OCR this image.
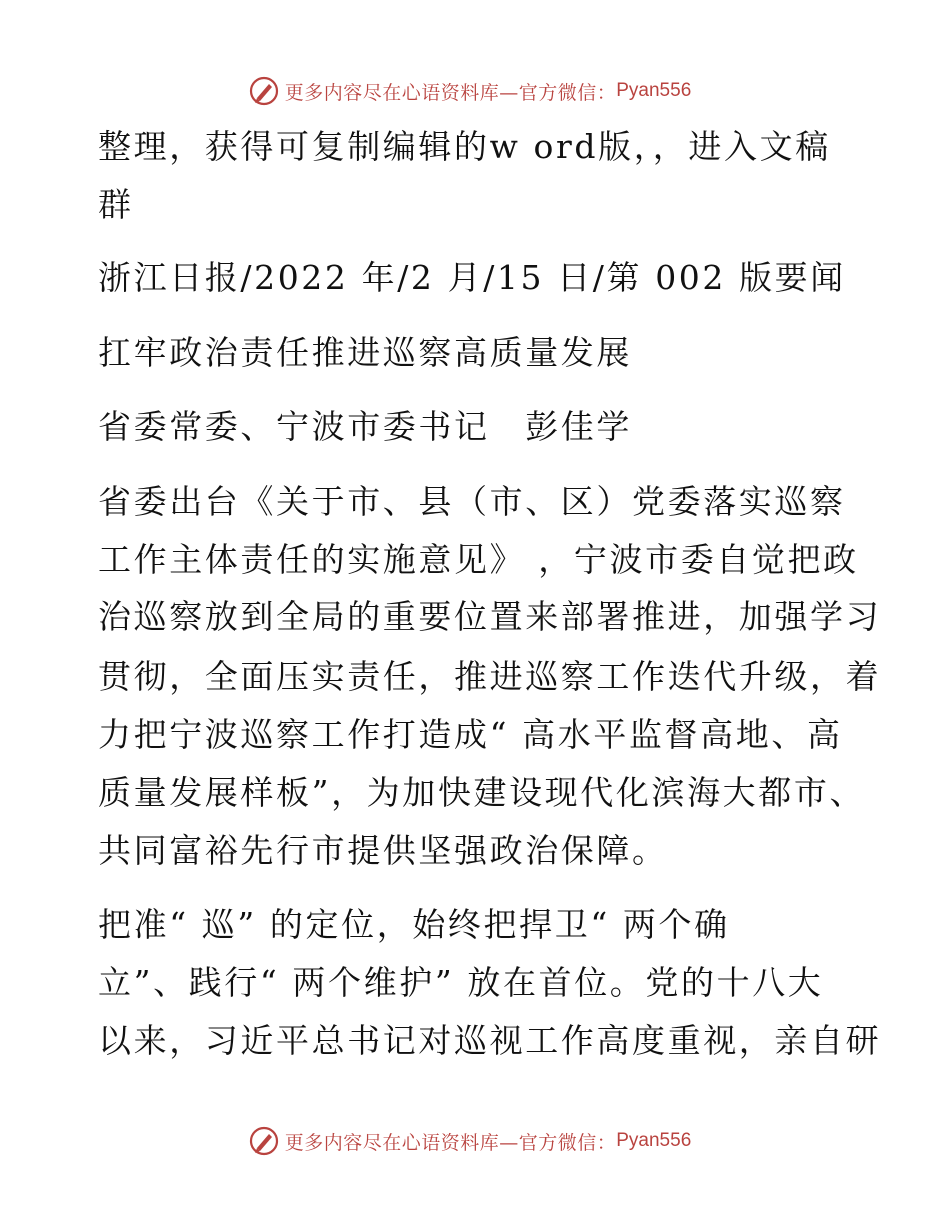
更多内容尽在心语资料库—官方微信： Pyan556
整理，获得可复制编辑的w ord版，，进入文稿
群
浙江日报/2022 年/2 月/15 日/第 002 版要闻
扛牢政治责任推进巡察高质量发展
省委常委、宁波市委书记　彭佳学
省委出台《关于市、县（市、区）党委落实巡察
工作主体责任的实施意见》 ，宁波市委自觉把政
治巡察放到全局的重要位置来部署推进，加强学习
贯彻，全面压实责任，推进巡察工作迭代升级，着
力把宁波巡察工作打造成“ 高水平监督高地、高
质量发展样板”，为加快建设现代化滨海大都市、
共同富裕先行市提供坚强政治保障。
把准“ 巡” 的定位，始终把捍卫“ 两个确
立”、践行“ 两个维护” 放在首位。党的十八大
以来，习近平总书记对巡视工作高度重视，亲自研
更多内容尽在心语资料库—官方微信： Pyan556
